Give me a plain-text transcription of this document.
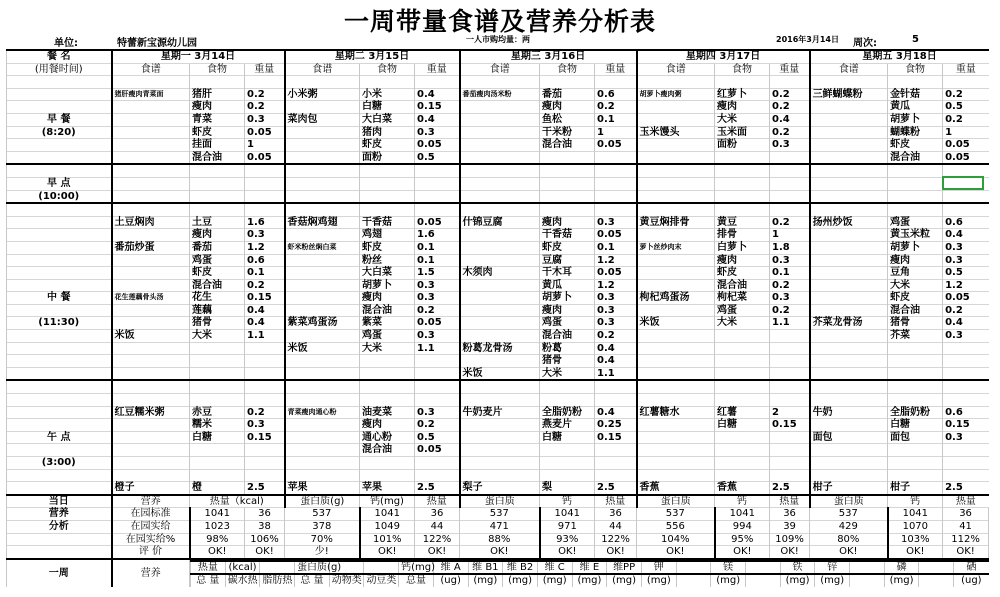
一周带量食谱及营养分析表
单位:	特蕾新宝源幼儿园	一人市购均量：两	2016年3月14日 周次:	5
餐 名	星期一 3月14日	星期二 3月15日	星期三 3月16日	星期四 3月17日	星期五 3月18日
(用餐时间)	食谱	食物	重量	食谱	食物	重量	食谱	食物	重量	食谱	食物	重量	食谱	食物	重量

	猪肝瘦肉青菜面	猪肝	0.2	小米粥	小米	0.4	番茄瘦肉汤米粉	番茄	0.6	胡萝卜瘦肉粥	红萝卜	0.2	三鲜蝴蝶粉	金针菇	0.2
		瘦肉	0.2		白糖	0.15		瘦肉	0.2		瘦肉	0.2		黄瓜	0.5
早 餐		青菜	0.3	菜肉包	大白菜	0.4		鱼松	0.1		大米	0.4		胡萝卜	0.2
(8:20)		虾皮	0.05		猪肉	0.3		干米粉	1	玉米馒头	玉米面	0.2		蝴蝶粉	1
		挂面	1		虾皮	0.05		混合油	0.05		面粉	0.3		虾皮	0.05
		混合油	0.05		面粉	0.5								混合油	0.05

早 点															
(10:00)															

	土豆焖肉	土豆	1.6	香菇焖鸡翅	干香菇	0.05	什锦豆腐	瘦肉	0.3	黄豆焖排骨	黄豆	0.2	扬州炒饭	鸡蛋	0.6
		瘦肉	0.3		鸡翅	1.6		干香菇	0.05		排骨	1		黄玉米粒	0.4
	番茄炒蛋	番茄	1.2	虾米粉丝焖白菜	虾皮	0.1		虾皮	0.1	萝卜丝炒肉末	白萝卜	1.8		胡萝卜	0.3
		鸡蛋	0.6		粉丝	0.1		豆腐	1.2		瘦肉	0.3		瘦肉	0.3
		虾皮	0.1		大白菜	1.5	木须肉	干木耳	0.05		虾皮	0.1		豆角	0.5
		混合油	0.2		胡萝卜	0.3		黄瓜	1.2		混合油	0.2		大米	1.2
中 餐	花生莲藕骨头汤	花生	0.15		瘦肉	0.3		胡萝卜	0.3	枸杞鸡蛋汤	枸杞菜	0.3		虾皮	0.05
		莲藕	0.4		混合油	0.2		瘦肉	0.3		鸡蛋	0.2		混合油	0.2
(11:30)		猪骨	0.4	紫菜鸡蛋汤	紫菜	0.05		鸡蛋	0.3	米饭	大米	1.1	芥菜龙骨汤	猪骨	0.4
	米饭	大米	1.1		鸡蛋	0.3		混合油	0.2					芥菜	0.3
				米饭	大米	1.1	粉葛龙骨汤	粉葛	0.4						
								猪骨	0.4						
							米饭	大米	1.1						

	红豆糯米粥	赤豆	0.2	青菜瘦肉通心粉	油麦菜	0.3	牛奶麦片	全脂奶粉	0.4	红薯糖水	红薯	2	牛奶	全脂奶粉	0.6
		糯米	0.3		瘦肉	0.2		燕麦片	0.25		白糖	0.15		白糖	0.15
午 点		白糖	0.15		通心粉	0.5		白糖	0.15				面包	面包	0.3
					混合油	0.05									
(3:00)															

	橙子	橙	2.5	苹果	苹果	2.5	梨子	梨	2.5	香蕉	香蕉	2.5	柑子	柑子	2.5
当日	营养	热量（kcal)	蛋白质(g)	钙(mg)	热量	蛋白质	钙	热量	蛋白质	钙	热量	蛋白质	钙	热量
营养	在园标准	1041	36	537	1041	36	537	1041	36	537	1041	36	537	1041	36	
分析	在园实给	1023	38	378	1049	44	471	971	44	556	994	39	429	1070	41	
	在园实给%	98%	106%	70%	101%	122%	88%	93%	122%	104%	95%	109%	80%	103%	112%	
	评 价	OK!	OK!	少!	OK!	OK!	OK!	OK!	OK!	OK!	OK!	OK!	OK!	OK!	OK!	
一周	营养	
热量	(kcal)		蛋白质(g)			钙(mg)	维 A	维 B1	维 B2	维 C	维 E	维PP	钾		镁		铁	锌		磷		硒
总 量	碳水热	脂肪热	总 量	动物类	动豆类	总量	(ug)	(mg)	(mg)	(mg)	(mg)	(mg)	(mg)		(mg)		(mg)	(mg)		(mg)		(ug)
